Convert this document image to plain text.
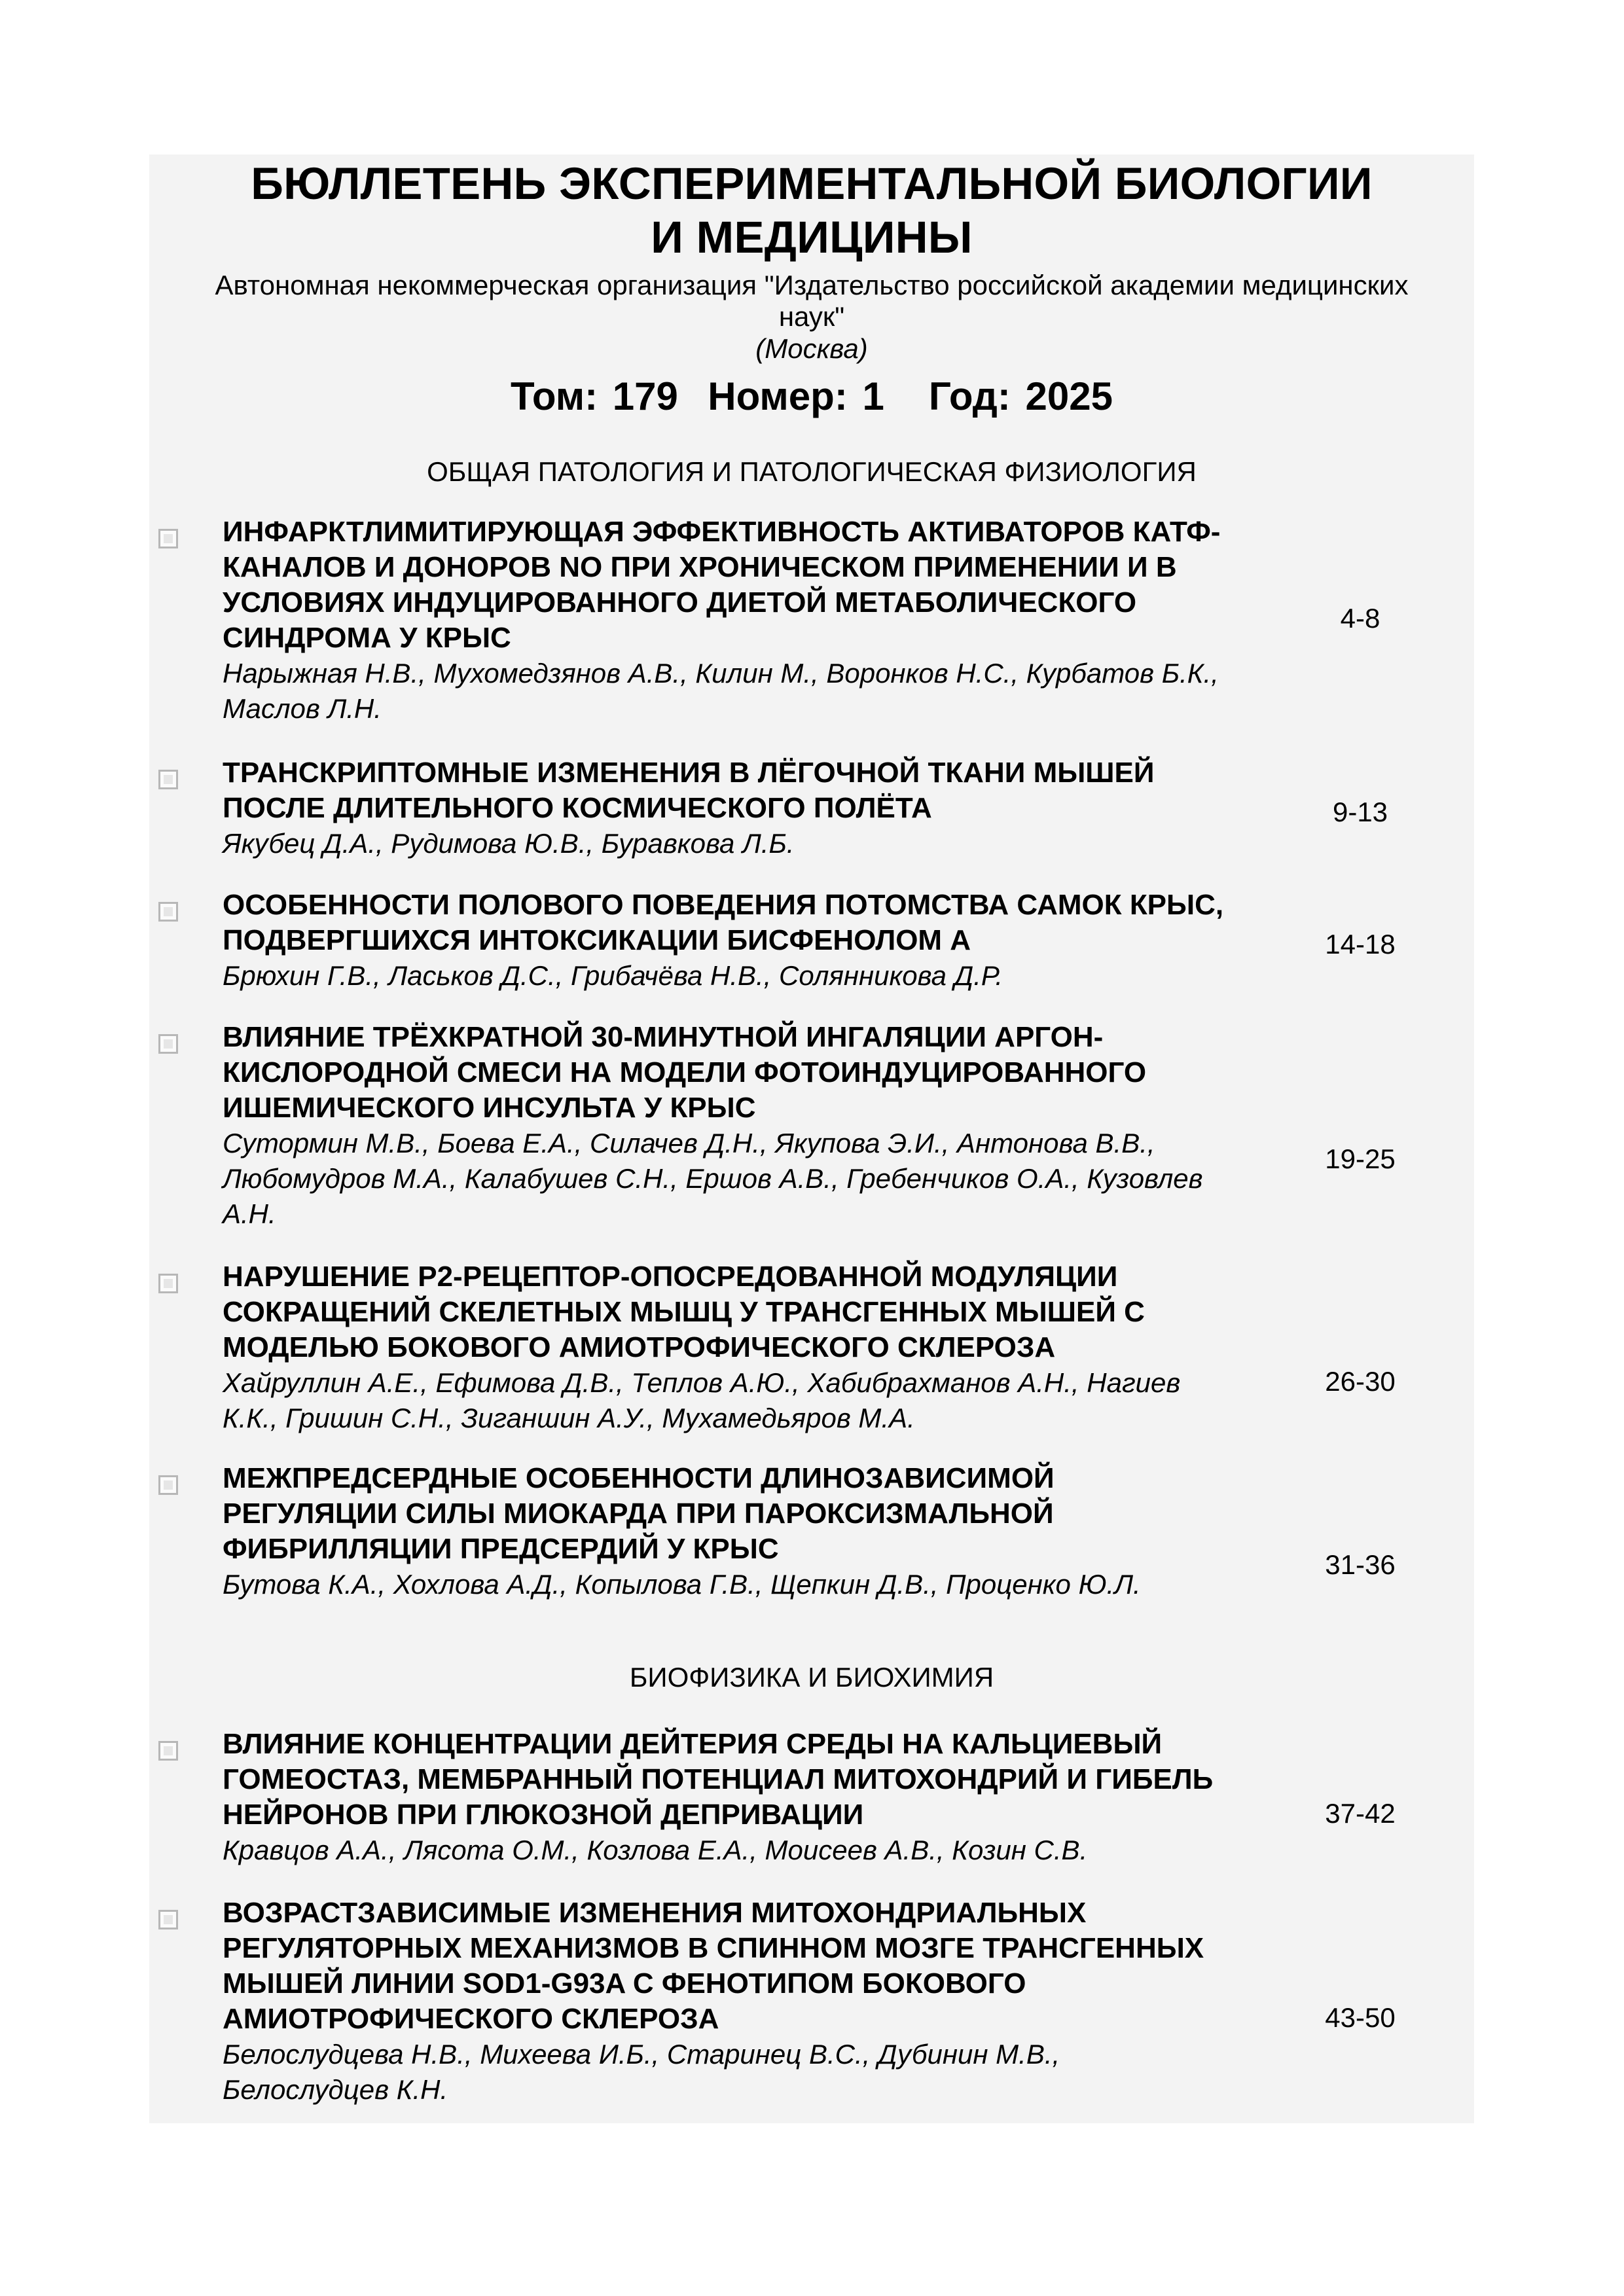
БЮЛЛЕТЕНЬ ЭКСПЕРИМЕНТАЛЬНОЙ БИОЛОГИИ
И МЕДИЦИНЫ
Автономная некоммерческая организация "Издательство российской академии медицинских
наук"
(Москва)
Том: 179 Номер: 1 Год: 2025
ОБЩАЯ ПАТОЛОГИЯ И ПАТОЛОГИЧЕСКАЯ ФИЗИОЛОГИЯ
ИНФАРКТЛИМИТИРУЮЩАЯ ЭФФЕКТИВНОСТЬ АКТИВАТОРОВ КАТФ-КАНАЛОВ И ДОНОРОВ NO ПРИ ХРОНИЧЕСКОМ ПРИМЕНЕНИИ И В УСЛОВИЯХ ИНДУЦИРОВАННОГО ДИЕТОЙ МЕТАБОЛИЧЕСКОГО СИНДРОМА У КРЫС
Нарыжная Н.В., Мухомедзянов А.В., Килин М., Воронков Н.С., Курбатов Б.К., Маслов Л.Н.
4-8
ТРАНСКРИПТОМНЫЕ ИЗМЕНЕНИЯ В ЛЁГОЧНОЙ ТКАНИ МЫШЕЙ ПОСЛЕ ДЛИТЕЛЬНОГО КОСМИЧЕСКОГО ПОЛЁТА
Якубец Д.А., Рудимова Ю.В., Буравкова Л.Б.
9-13
ОСОБЕННОСТИ ПОЛОВОГО ПОВЕДЕНИЯ ПОТОМСТВА САМОК КРЫС, ПОДВЕРГШИХСЯ ИНТОКСИКАЦИИ БИСФЕНОЛОМ А
Брюхин Г.В., Ласьков Д.С., Грибачёва Н.В., Солянникова Д.Р.
14-18
ВЛИЯНИЕ ТРЁХКРАТНОЙ 30-МИНУТНОЙ ИНГАЛЯЦИИ АРГОН-КИСЛОРОДНОЙ СМЕСИ НА МОДЕЛИ ФОТОИНДУЦИРОВАННОГО ИШЕМИЧЕСКОГО ИНСУЛЬТА У КРЫС
Сутормин М.В., Боева Е.А., Силачев Д.Н., Якупова Э.И., Антонова В.В., Любомудров М.А., Калабушев С.Н., Ершов А.В., Гребенчиков О.А., Кузовлев А.Н.
19-25
НАРУШЕНИЕ P2-РЕЦЕПТОР-ОПОСРЕДОВАННОЙ МОДУЛЯЦИИ СОКРАЩЕНИЙ СКЕЛЕТНЫХ МЫШЦ У ТРАНСГЕННЫХ МЫШЕЙ С МОДЕЛЬЮ БОКОВОГО АМИОТРОФИЧЕСКОГО СКЛЕРОЗА
Хайруллин А.Е., Ефимова Д.В., Теплов А.Ю., Хабибрахманов А.Н., Нагиев К.К., Гришин С.Н., Зиганшин А.У., Мухамедьяров М.А.
26-30
МЕЖПРЕДСЕРДНЫЕ ОСОБЕННОСТИ ДЛИНОЗАВИСИМОЙ РЕГУЛЯЦИИ СИЛЫ МИОКАРДА ПРИ ПАРОКСИЗМАЛЬНОЙ ФИБРИЛЛЯЦИИ ПРЕДСЕРДИЙ У КРЫС
Бутова К.А., Хохлова А.Д., Копылова Г.В., Щепкин Д.В., Проценко Ю.Л.
31-36
БИОФИЗИКА И БИОХИМИЯ
ВЛИЯНИЕ КОНЦЕНТРАЦИИ ДЕЙТЕРИЯ СРЕДЫ НА КАЛЬЦИЕВЫЙ ГОМЕОСТАЗ, МЕМБРАННЫЙ ПОТЕНЦИАЛ МИТОХОНДРИЙ И ГИБЕЛЬ НЕЙРОНОВ ПРИ ГЛЮКОЗНОЙ ДЕПРИВАЦИИ
Кравцов А.А., Лясота О.М., Козлова Е.А., Моисеев А.В., Козин С.В.
37-42
ВОЗРАСТЗАВИСИМЫЕ ИЗМЕНЕНИЯ МИТОХОНДРИАЛЬНЫХ РЕГУЛЯТОРНЫХ МЕХАНИЗМОВ В СПИННОМ МОЗГЕ ТРАНСГЕННЫХ МЫШЕЙ ЛИНИИ SOD1-G93A С ФЕНОТИПОМ БОКОВОГО АМИОТРОФИЧЕСКОГО СКЛЕРОЗА
Белослудцева Н.В., Михеева И.Б., Старинец В.С., Дубинин М.В., Белослудцев К.Н.
43-50
